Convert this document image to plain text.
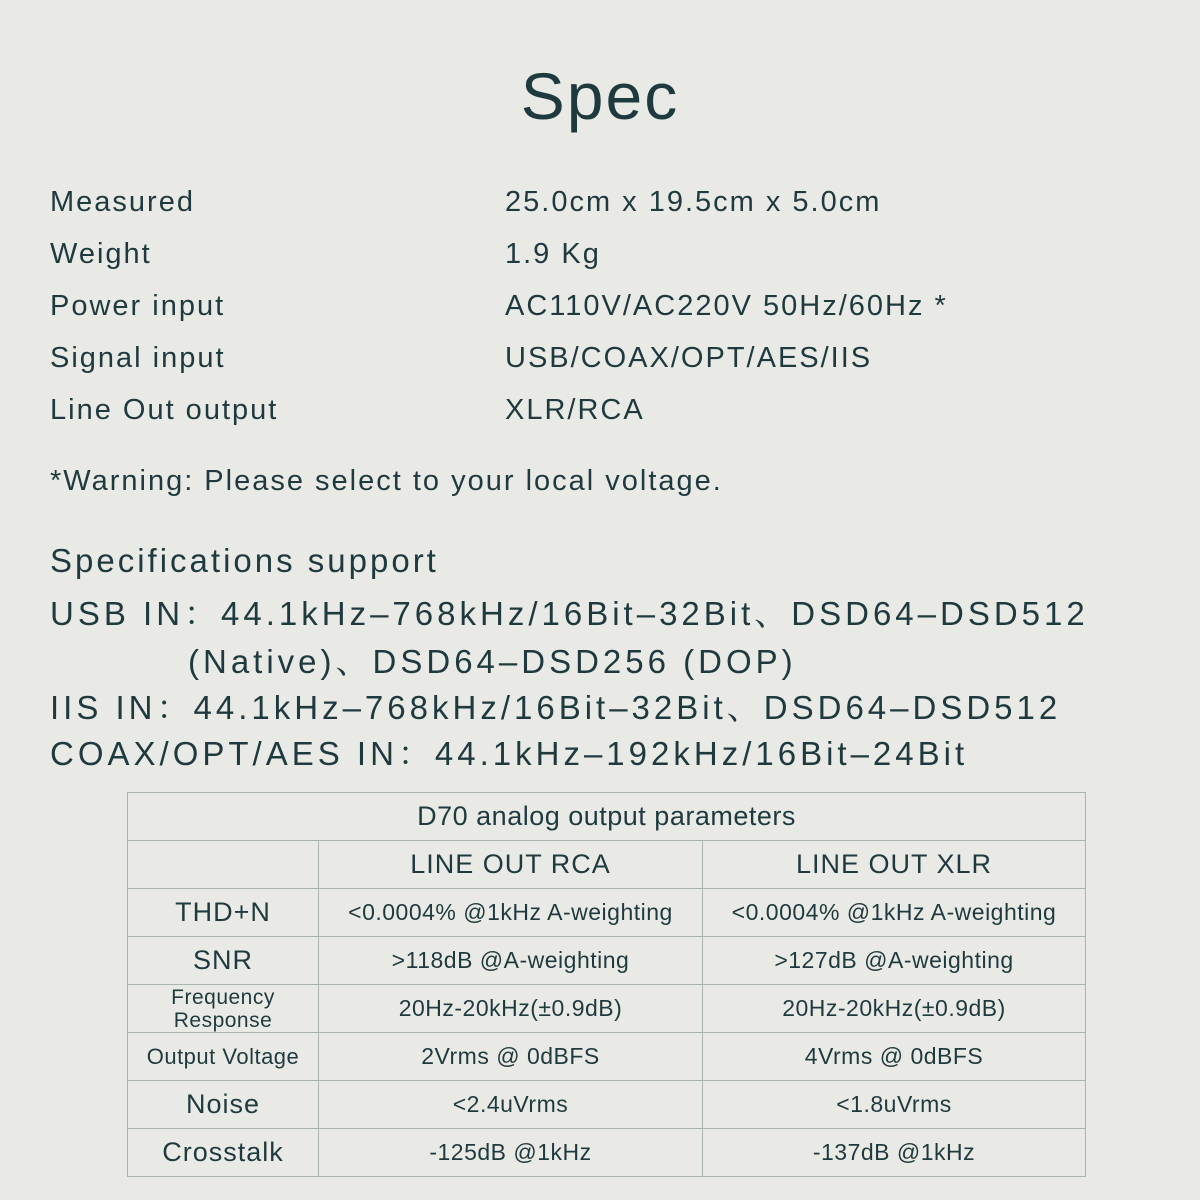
Spec
Measured	25.0cm x 19.5cm x 5.0cm
Weight	1.9 Kg
Power input	AC110V/AC220V 50Hz/60Hz *
Signal input	USB/COAX/OPT/AES/IIS
Line Out output	XLR/RCA
*Warning: Please select to your local voltage.
Specifications support
USB IN：44.1kHz–768kHz/16Bit–32Bit、DSD64–DSD512
(Native)、DSD64–DSD256 (DOP)
IIS IN：44.1kHz–768kHz/16Bit–32Bit、DSD64–DSD512
COAX/OPT/AES IN：44.1kHz–192kHz/16Bit–24Bit
D70 analog output parameters		
	LINE OUT RCA	LINE OUT XLR
THD+N	<0.0004% @1kHz A-weighting	<0.0004% @1kHz A-weighting
SNR	>118dB @A-weighting	>127dB @A-weighting
Frequency Response	20Hz-20kHz(±0.9dB)	20Hz-20kHz(±0.9dB)
Output Voltage	2Vrms @ 0dBFS	4Vrms @ 0dBFS
Noise	<2.4uVrms	<1.8uVrms
Crosstalk	-125dB @1kHz	-137dB @1kHz
